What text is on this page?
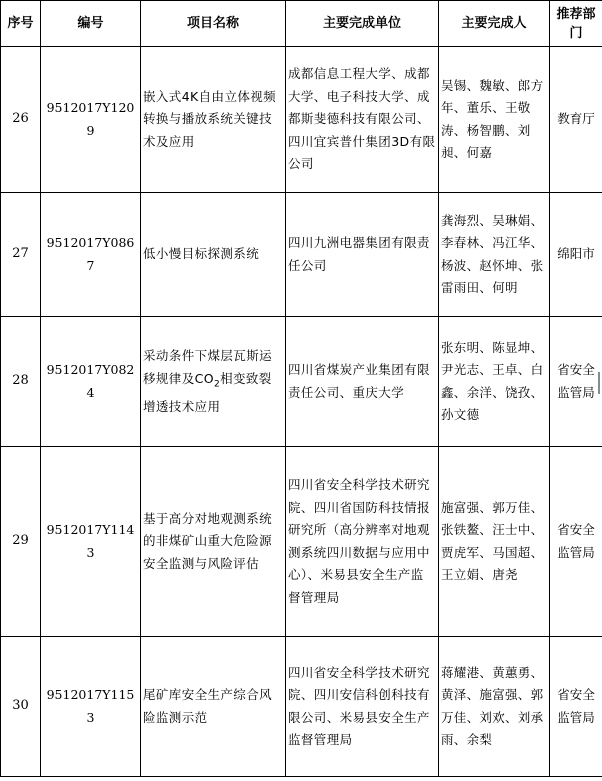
序号	编号	项目名称	主要完成单位	主要完成人	推荐部门
26	9512017Y1209	嵌入式4K自由立体视频转换与播放系统关键技术及应用	成都信息工程大学、成都大学、电子科技大学、成都斯斐德科技有限公司、四川宜宾普什集团3D有限公司	吴锡、魏敏、郎方年、董乐、王敬涛、杨智鹏、刘昶、何嘉	教育厅
27	9512017Y0867	低小慢目标探测系统	四川九洲电器集团有限责任公司	龚海烈、吴琳娟、李春林、冯江华、杨波、赵怀坤、张雷雨田、何明	绵阳市
28	9512017Y0824	采动条件下煤层瓦斯运移规律及$CO_2$相变致裂增透技术应用	四川省煤炭产业集团有限责任公司、重庆大学	张东明、陈显坤、尹光志、王卓、白鑫、余洋、饶孜、孙文德	省安全监管局
29	9512017Y1143	基于高分对地观测系统的非煤矿山重大危险源安全监测与风险评估	四川省安全科学技术研究院、四川省国防科技情报研究所（高分辨率对地观测系统四川数据与应用中心）、米易县安全生产监督管理局	施富强、郭万佳、张铁鳌、汪士中、贾虎军、马国超、王立娟、唐尧	省安全监管局
30	9512017Y1153	尾矿库安全生产综合风险监测示范	四川省安全科学技术研究院、四川安信科创科技有限公司、米易县安全生产监督管理局	蒋耀港、黄蕙勇、黄泽、施富强、郭万佳、刘欢、刘承雨、余梨	省安全监管局
